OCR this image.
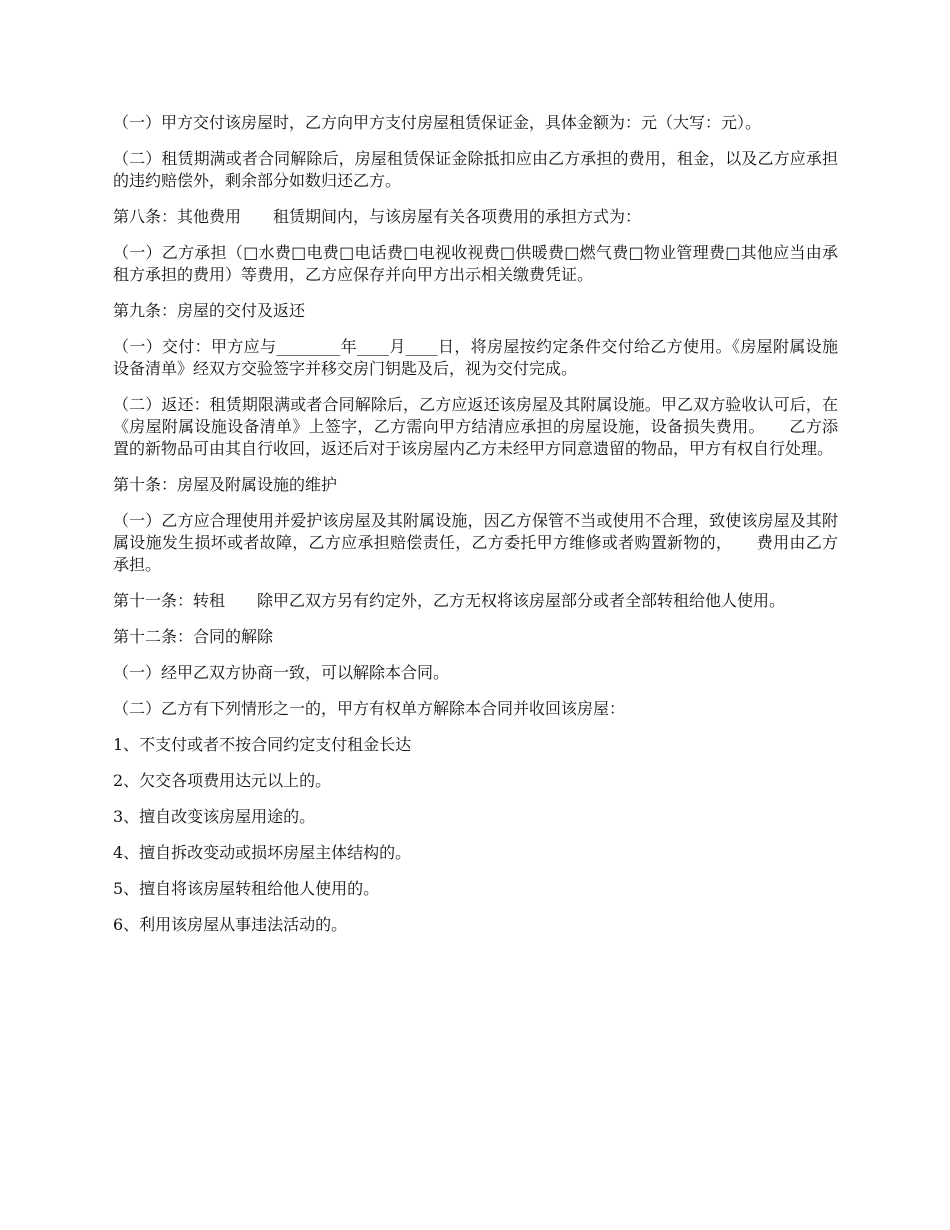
（一）甲方交付该房屋时，乙方向甲方支付房屋租赁保证金，具体金额为：元（大写：元）。

（二）租赁期满或者合同解除后，房屋租赁保证金除抵扣应由乙方承担的费用，租金，以及乙方应承担的违约赔偿外，剩余部分如数归还乙方。

第八条：其他费用　　租赁期间内，与该房屋有关各项费用的承担方式为：

（一）乙方承担（□水费□电费□电话费□电视收视费□供暖费□燃气费□物业管理费□其他应当由承租方承担的费用）等费用，乙方应保存并向甲方出示相关缴费凭证。

第九条：房屋的交付及返还

（一）交付：甲方应与________年____月____日，将房屋按约定条件交付给乙方使用。《房屋附属设施设备清单》经双方交验签字并移交房门钥匙及后，视为交付完成。

（二）返还：租赁期限满或者合同解除后，乙方应返还该房屋及其附属设施。甲乙双方验收认可后，在《房屋附属设施设备清单》上签字，乙方需向甲方结清应承担的房屋设施，设备损失费用。　　乙方添置的新物品可由其自行收回，返还后对于该房屋内乙方未经甲方同意遗留的物品，甲方有权自行处理。

第十条：房屋及附属设施的维护

（一）乙方应合理使用并爱护该房屋及其附属设施，因乙方保管不当或使用不合理，致使该房屋及其附属设施发生损坏或者故障，乙方应承担赔偿责任，乙方委托甲方维修或者购置新物的，　　费用由乙方承担。

第十一条：转租　　除甲乙双方另有约定外，乙方无权将该房屋部分或者全部转租给他人使用。

第十二条：合同的解除

（一）经甲乙双方协商一致，可以解除本合同。

（二）乙方有下列情形之一的，甲方有权单方解除本合同并收回该房屋：

1、不支付或者不按合同约定支付租金长达

2、欠交各项费用达元以上的。

3、擅自改变该房屋用途的。

4、擅自拆改变动或损坏房屋主体结构的。

5、擅自将该房屋转租给他人使用的。

6、利用该房屋从事违法活动的。
